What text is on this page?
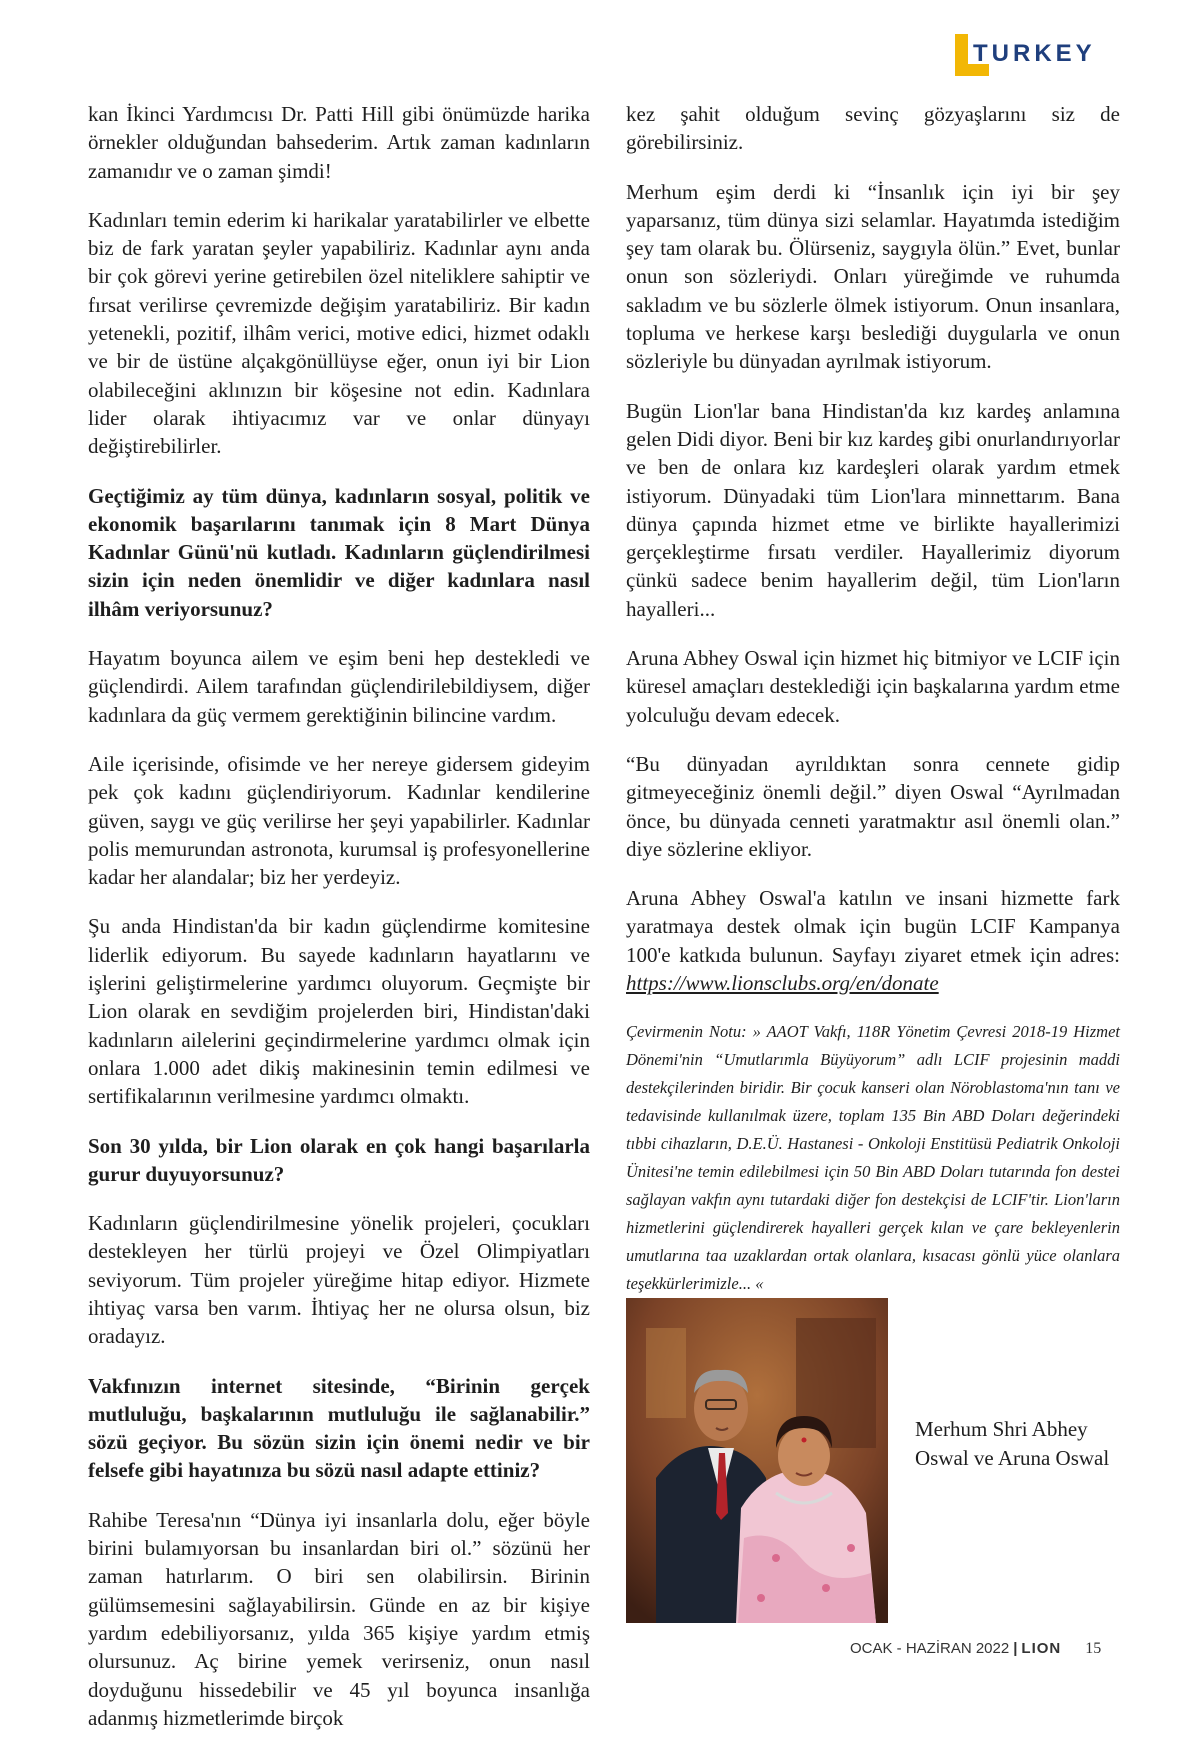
TURKEY

kan İkinci Yardımcısı Dr. Patti Hill gibi önümüzde harika örnekler olduğundan bahsederim. Artık zaman kadınların zamanıdır ve o zaman şimdi!

Kadınları temin ederim ki harikalar yaratabilirler ve elbette biz de fark yaratan şeyler yapabiliriz. Kadınlar aynı anda bir çok görevi yerine getirebilen özel niteliklere sahiptir ve fırsat verilirse çevremizde değişim yaratabiliriz. Bir kadın yetenekli, pozitif, ilhâm verici, motive edici, hizmet odaklı ve bir de üstüne alçakgönüllüyse eğer, onun iyi bir Lion olabileceğini aklınızın bir köşesine not edin. Kadınlara lider olarak ihtiyacımız var ve onlar dünyayı değiştirebilirler.

Geçtiğimiz ay tüm dünya, kadınların sosyal, politik ve ekonomik başarılarını tanımak için 8 Mart Dünya Kadınlar Günü'nü kutladı. Kadınların güçlendirilmesi sizin için neden önemlidir ve diğer kadınlara nasıl ilhâm veriyorsunuz?

Hayatım boyunca ailem ve eşim beni hep destekledi ve güçlendirdi. Ailem tarafından güçlendirilebildiysem, diğer kadınlara da güç vermem gerektiğinin bilincine vardım.

Aile içerisinde, ofisimde ve her nereye gidersem gideyim pek çok kadını güçlendiriyorum. Kadınlar kendilerine güven, saygı ve güç verilirse her şeyi yapabilirler. Kadınlar polis memurundan astronota, kurumsal iş profesyonellerine kadar her alandalar; biz her yerdeyiz.

Şu anda Hindistan'da bir kadın güçlendirme komitesine liderlik ediyorum. Bu sayede kadınların hayatlarını ve işlerini geliştirmelerine yardımcı oluyorum. Geçmişte bir Lion olarak en sevdiğim projelerden biri, Hindistan'daki kadınların ailelerini geçindirmelerine yardımcı olmak için onlara 1.000 adet dikiş makinesinin temin edilmesi ve sertifikalarının verilmesine yardımcı olmaktı.

Son 30 yılda, bir Lion olarak en çok hangi başarılarla gurur duyuyorsunuz?

Kadınların güçlendirilmesine yönelik projeleri, çocukları destekleyen her türlü projeyi ve Özel Olimpiyatları seviyorum. Tüm projeler yüreğime hitap ediyor. Hizmete ihtiyaç varsa ben varım. İhtiyaç her ne olursa olsun, biz oradayız.

Vakfınızın internet sitesinde, “Birinin gerçek mutluluğu, başkalarının mutluluğu ile sağlanabilir.” sözü geçiyor. Bu sözün sizin için önemi nedir ve bir felsefe gibi hayatınıza bu sözü nasıl adapte ettiniz?

Rahibe Teresa'nın “Dünya iyi insanlarla dolu, eğer böyle birini bulamıyorsan bu insanlardan biri ol.” sözünü her zaman hatırlarım. O biri sen olabilirsin. Birinin gülümsemesini sağlayabilirsin. Günde en az bir kişiye yardım edebiliyorsanız, yılda 365 kişiye yardım etmiş olursunuz. Aç birine yemek verirseniz, onun nasıl doyduğunu hissedebilir ve 45 yıl boyunca insanlığa adanmış hizmetlerimde birçok

kez şahit olduğum sevinç gözyaşlarını siz de görebilirsiniz.

Merhum eşim derdi ki “İnsanlık için iyi bir şey yaparsanız, tüm dünya sizi selamlar. Hayatımda istediğim şey tam olarak bu. Ölürseniz, saygıyla ölün.” Evet, bunlar onun son sözleriydi. Onları yüreğimde ve ruhumda sakladım ve bu sözlerle ölmek istiyorum. Onun insanlara, topluma ve herkese karşı beslediği duygularla ve onun sözleriyle bu dünyadan ayrılmak istiyorum.

Bugün Lion'lar bana Hindistan'da kız kardeş anlamına gelen Didi diyor. Beni bir kız kardeş gibi onurlandırıyorlar ve ben de onlara kız kardeşleri olarak yardım etmek istiyorum. Dünyadaki tüm Lion'lara minnettarım. Bana dünya çapında hizmet etme ve birlikte hayallerimizi gerçekleştirme fırsatı verdiler. Hayallerimiz diyorum çünkü sadece benim hayallerim değil, tüm Lion'ların hayalleri...

Aruna Abhey Oswal için hizmet hiç bitmiyor ve LCIF için küresel amaçları desteklediği için başkalarına yardım etme yolculuğu devam edecek.

“Bu dünyadan ayrıldıktan sonra cennete gidip gitmeyeceğiniz önemli değil.” diyen Oswal “Ayrılmadan önce, bu dünyada cenneti yaratmaktır asıl önemli olan.” diye sözlerine ekliyor.

Aruna Abhey Oswal'a katılın ve insani hizmette fark yaratmaya destek olmak için bugün LCIF Kampanya 100'e katkıda bulunun. Sayfayı ziyaret etmek için adres: https://www.lionsclubs.org/en/donate

Çevirmenin Notu: » AAOT Vakfı, 118R Yönetim Çevresi 2018-19 Hizmet Dönemi'nin “Umutlarımla Büyüyorum” adlı LCIF projesinin maddi destekçilerinden biridir. Bir çocuk kanseri olan Nöroblastoma'nın tanı ve tedavisinde kullanılmak üzere, toplam 135 Bin ABD Doları değerindeki tıbbi cihazların, D.E.Ü. Hastanesi - Onkoloji Enstitüsü Pediatrik Onkoloji Ünitesi'ne temin edilebilmesi için 50 Bin ABD Doları tutarında fon destei sağlayan vakfın aynı tutardaki diğer fon destekçisi de LCIF'tir. Lion'ların hizmetlerini güçlendirerek hayalleri gerçek kılan ve çare bekleyenlerin umutlarına taa uzaklardan ortak olanlara, kısacası gönlü yüce olanlara teşekkürlerimizle... «

Merhum Shri Abhey Oswal ve Aruna Oswal
OCAK - HAZİRAN 2022 | LION 15
